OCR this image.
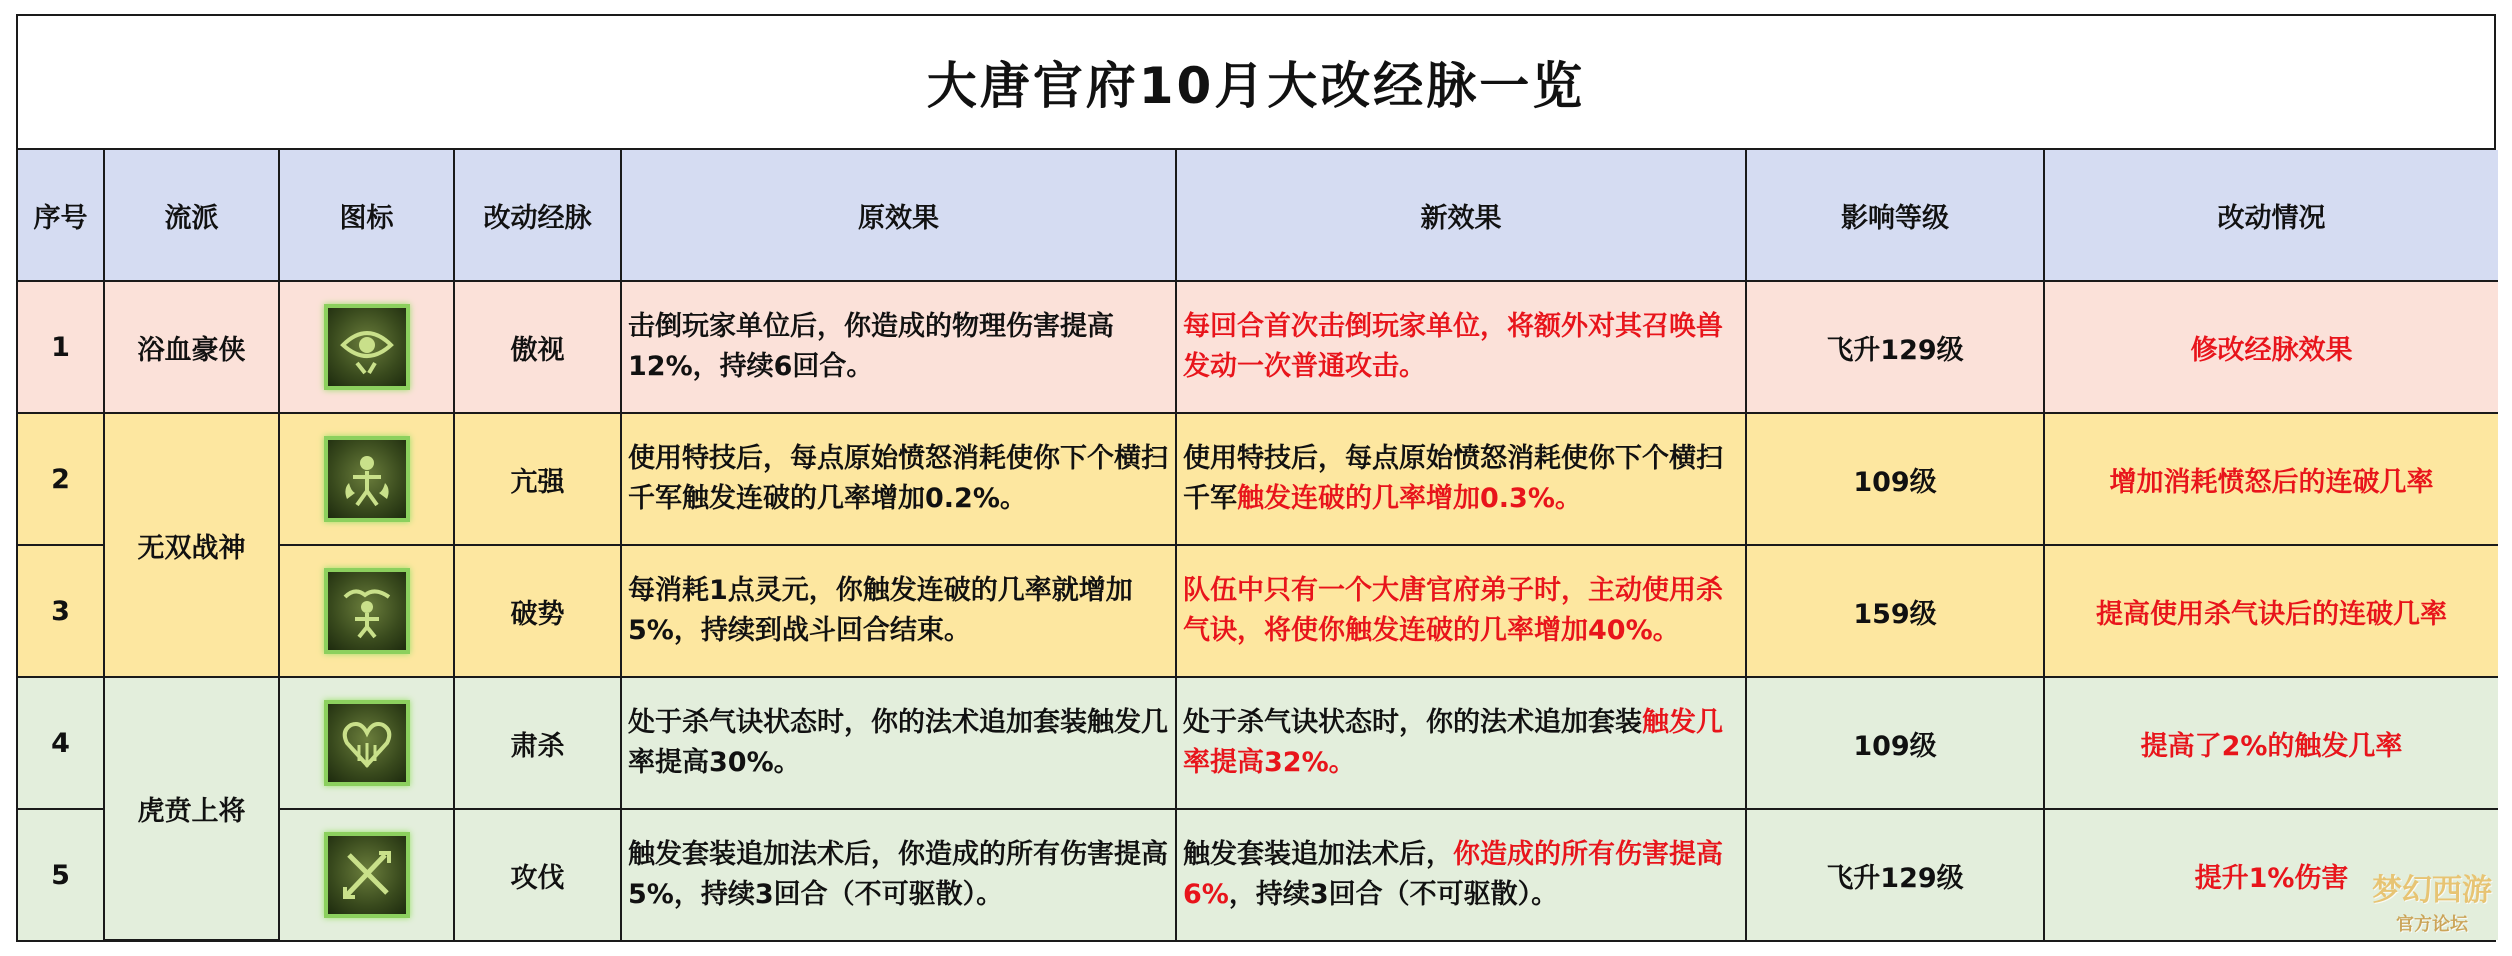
大唐官府10月大改经脉一览
序号	流派	图标	改动经脉	原效果	新效果	影响等级	改动情况
1	浴血豪侠		傲视	击倒玩家单位后，你造成的物理伤害提高12%，持续6回合。	每回合首次击倒玩家单位，将额外对其召唤兽发动一次普通攻击。	飞升129级	修改经脉效果
2	无双战神		亢强	使用特技后，每点原始愤怒消耗使你下个横扫千军触发连破的几率增加0.2%。	使用特技后，每点原始愤怒消耗使你下个横扫千军触发连破的几率增加0.3%。	109级	增加消耗愤怒后的连破几率
3			破势	每消耗1点灵元，你触发连破的几率就增加5%，持续到战斗回合结束。	队伍中只有一个大唐官府弟子时，主动使用杀气诀，将使你触发连破的几率增加40%。	159级	提高使用杀气诀后的连破几率
4	虎贲上将		肃杀	处于杀气诀状态时，你的法术追加套装触发几率提高30%。	处于杀气诀状态时，你的法术追加套装触发几率提高32%。	109级	提高了2%的触发几率
5			攻伐	触发套装追加法术后，你造成的所有伤害提高5%，持续3回合（不可驱散）。	触发套装追加法术后，你造成的所有伤害提高6%，持续3回合（不可驱散）。	飞升129级	提升1%伤害 梦幻西游
官方论坛
